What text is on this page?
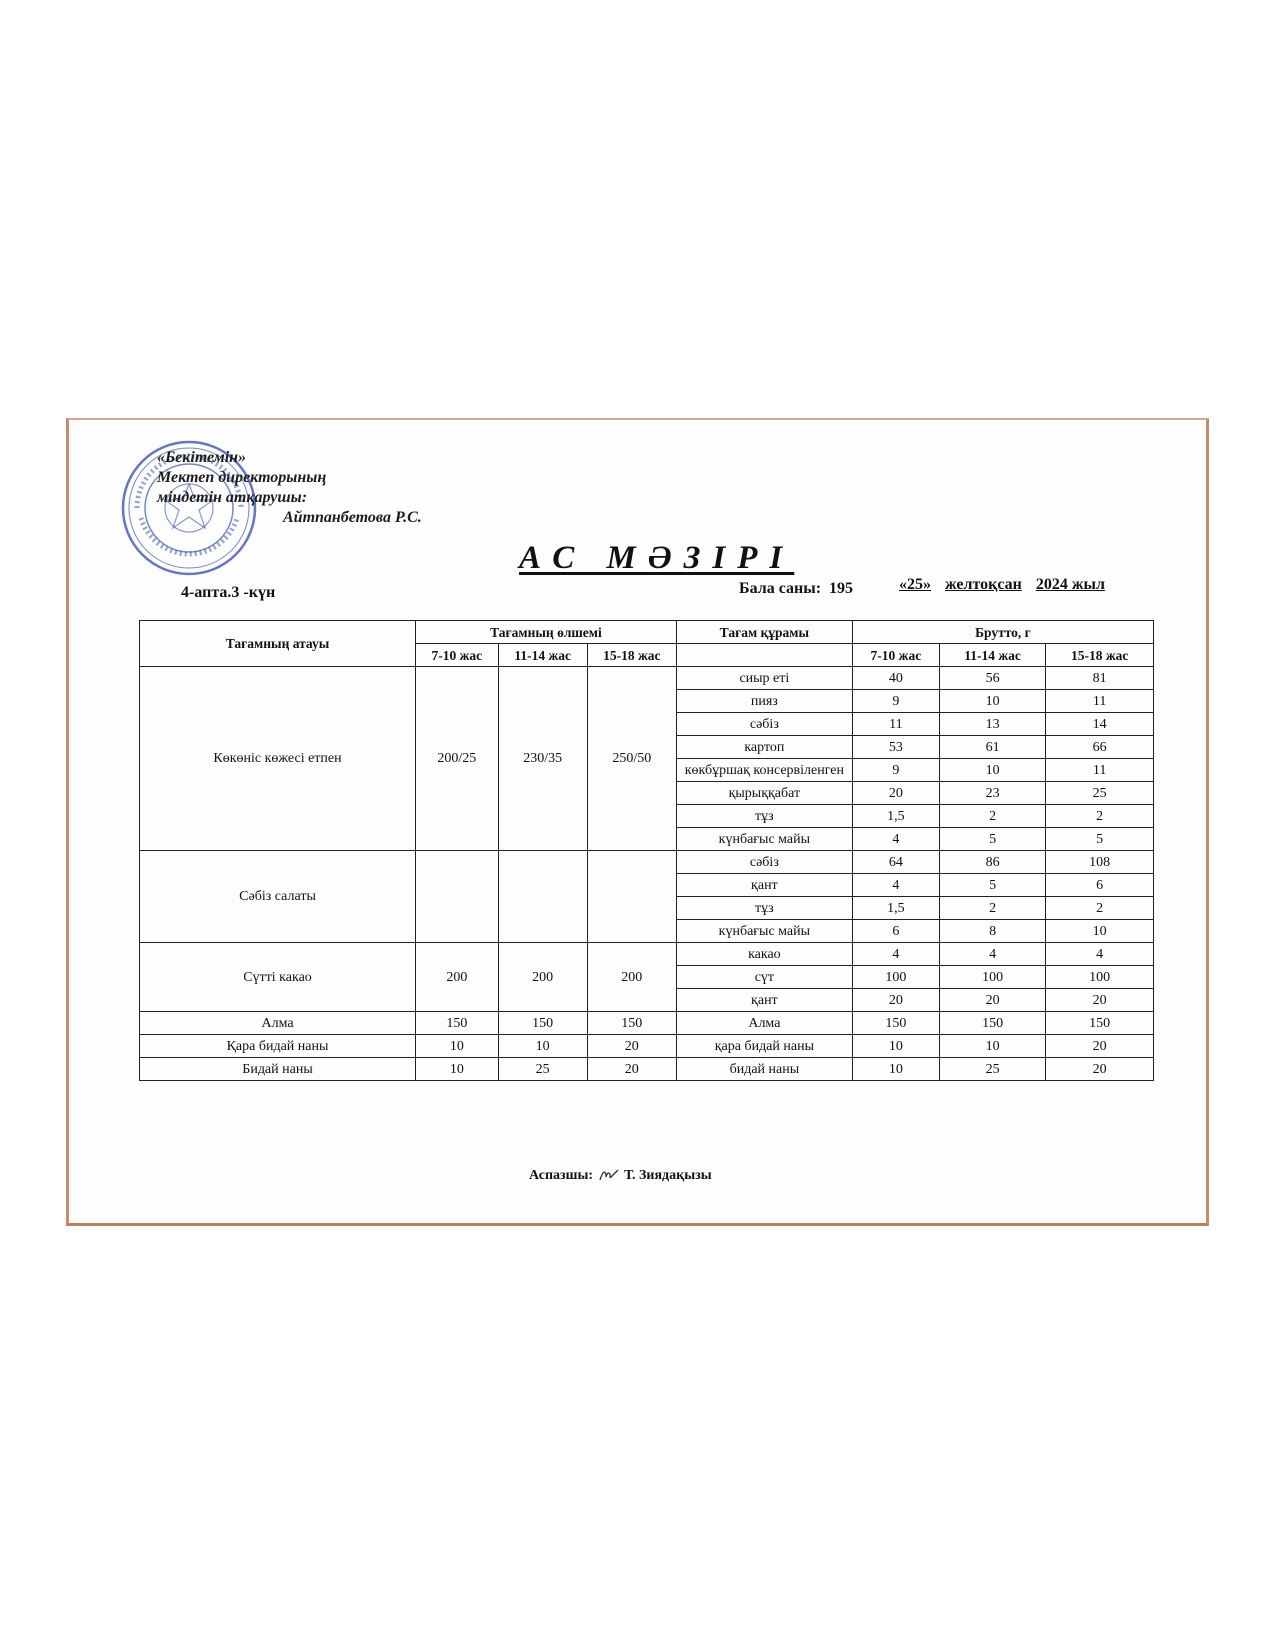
«Бекітемін»
Мектеп директорының
міндетін атқарушы:
Айтпанбетова Р.С.
АС МӘЗІРІ
4-апта.3 -күн	Бала саны: 195	«25» желтоқсан 2024 жыл
Тағамның атауы	Тағамның өлшемі			Тағам құрамы	Брутто, г		
	7-10 жас	11-14 жас	15-18 жас		7-10 жас	11-14 жас	15-18 жас
Көкөніс көжесі етпен	200/25	230/35	250/50	сиыр еті	40	56	81
				пияз	9	10	11
				сәбіз	11	13	14
				картоп	53	61	66
				көкбұршақ консервіленген	9	10	11
				қырыққабат	20	23	25
				тұз	1,5	2	2
				күнбағыс майы	4	5	5
Сәбіз салаты				сәбіз	64	86	108
				қант	4	5	6
				тұз	1,5	2	2
				күнбағыс майы	6	8	10
Сүтті какао	200	200	200	какао	4	4	4
				сүт	100	100	100
				қант	20	20	20
Алма	150	150	150	Алма	150	150	150
Қара бидай наны	10	10	20	қара бидай наны	10	10	20
Бидай наны	10	25	20	бидай наны	10	25	20
Аспазшы: Т. Зиядақызы
